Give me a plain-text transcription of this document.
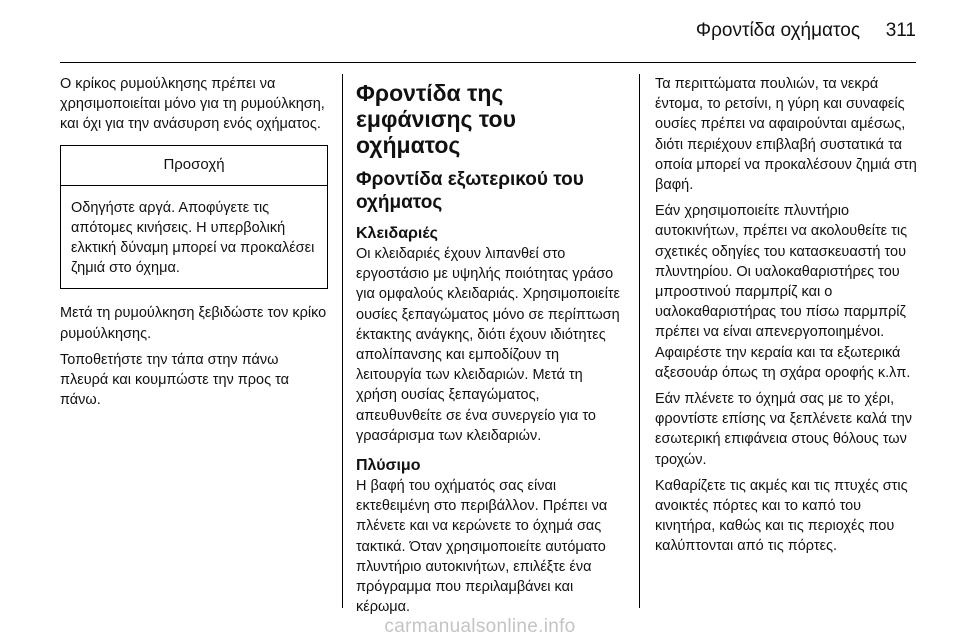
Φροντίδα οχήματος	311

Ο κρίκος ρυμούλκησης πρέπει να χρησιμοποιείται μόνο για τη ρυμούλκηση, και όχι για την ανάσυρση ενός οχήματος.

Προσοχή
Οδηγήστε αργά. Αποφύγετε τις απότομες κινήσεις. Η υπερβολική ελκτική δύναμη μπορεί να προκαλέσει ζημιά στο όχημα.

Μετά τη ρυμούλκηση ξεβιδώστε τον κρίκο ρυμούλκησης.

Τοποθετήστε την τάπα στην πάνω πλευρά και κουμπώστε την προς τα πάνω.

Φροντίδα της εμφάνισης του οχήματος
Φροντίδα εξωτερικού του οχήματος
Κλειδαριές

Οι κλειδαριές έχουν λιπανθεί στο εργοστάσιο με υψηλής ποιότητας γράσο για ομφαλούς κλειδαριάς. Χρησιμοποιείτε ουσίες ξεπαγώματος μόνο σε περίπτωση έκτακτης ανάγκης, διότι έχουν ιδιότητες απολίπανσης και εμποδίζουν τη λειτουργία των κλειδαριών. Μετά τη χρήση ουσίας ξεπαγώματος, απευθυνθείτε σε ένα συνεργείο για το γρασάρισμα των κλειδαριών.

Πλύσιμο

Η βαφή του οχήματός σας είναι εκτεθειμένη στο περιβάλλον. Πρέπει να πλένετε και να κερώνετε το όχημά σας τακτικά. Όταν χρησιμοποιείτε αυτόματο πλυντήριο αυτοκινήτων, επιλέξτε ένα πρόγραμμα που περιλαμβάνει και κέρωμα.

Τα περιττώματα πουλιών, τα νεκρά έντομα, το ρετσίνι, η γύρη και συναφείς ουσίες πρέπει να αφαιρούνται αμέσως, διότι περιέχουν επιβλαβή συστατικά τα οποία μπορεί να προκαλέσουν ζημιά στη βαφή.

Εάν χρησιμοποιείτε πλυντήριο αυτοκινήτων, πρέπει να ακολουθείτε τις σχετικές οδηγίες του κατασκευαστή του πλυντηρίου. Οι υαλοκαθαριστήρες του μπροστινού παρμπρίζ και ο υαλοκαθαριστήρας του πίσω παρμπρίζ πρέπει να είναι απενεργοποιημένοι. Αφαιρέστε την κεραία και τα εξωτερικά αξεσουάρ όπως τη σχάρα οροφής κ.λπ.

Εάν πλένετε το όχημά σας με το χέρι, φροντίστε επίσης να ξεπλένετε καλά την εσωτερική επιφάνεια στους θόλους των τροχών.

Καθαρίζετε τις ακμές και τις πτυχές στις ανοικτές πόρτες και το καπό του κινητήρα, καθώς και τις περιοχές που καλύπτονται από τις πόρτες.

carmanualsonline.info
